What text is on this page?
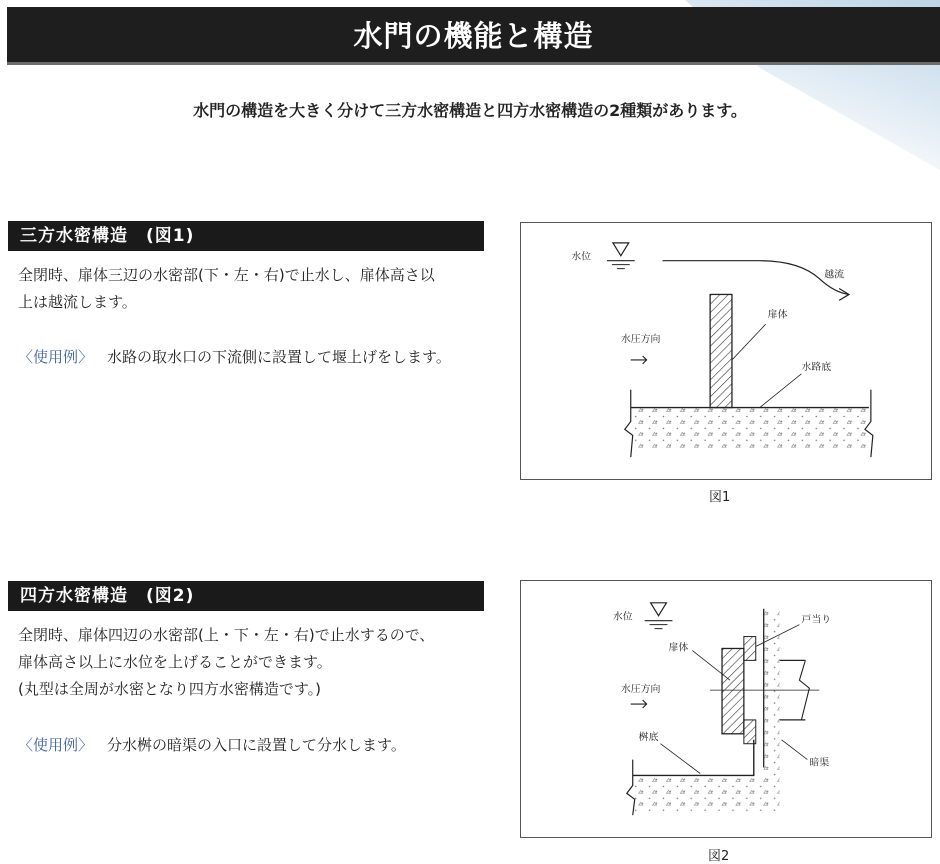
水門の機能と構造
水門の構造を大きく分けて三方水密構造と四方水密構造の2種類があります。
三方水密構造　(図1)

全閉時、扉体三辺の水密部(下・左・右)で止水し、扉体高さ以

上は越流します。

〈使用例〉 水路の取水口の下流側に設置して堰上げをします。
水位
越流
扉体
水圧方向
水路底
図1
四方水密構造　(図2)

全閉時、扉体四辺の水密部(上・下・左・右)で止水するので、

扉体高さ以上に水位を上げることができます。

(丸型は全周が水密となり四方水密構造です。)

〈使用例〉 分水桝の暗渠の入口に設置して分水します。
水位
扉体
戸当り
水圧方向
桝底
暗渠
図2
